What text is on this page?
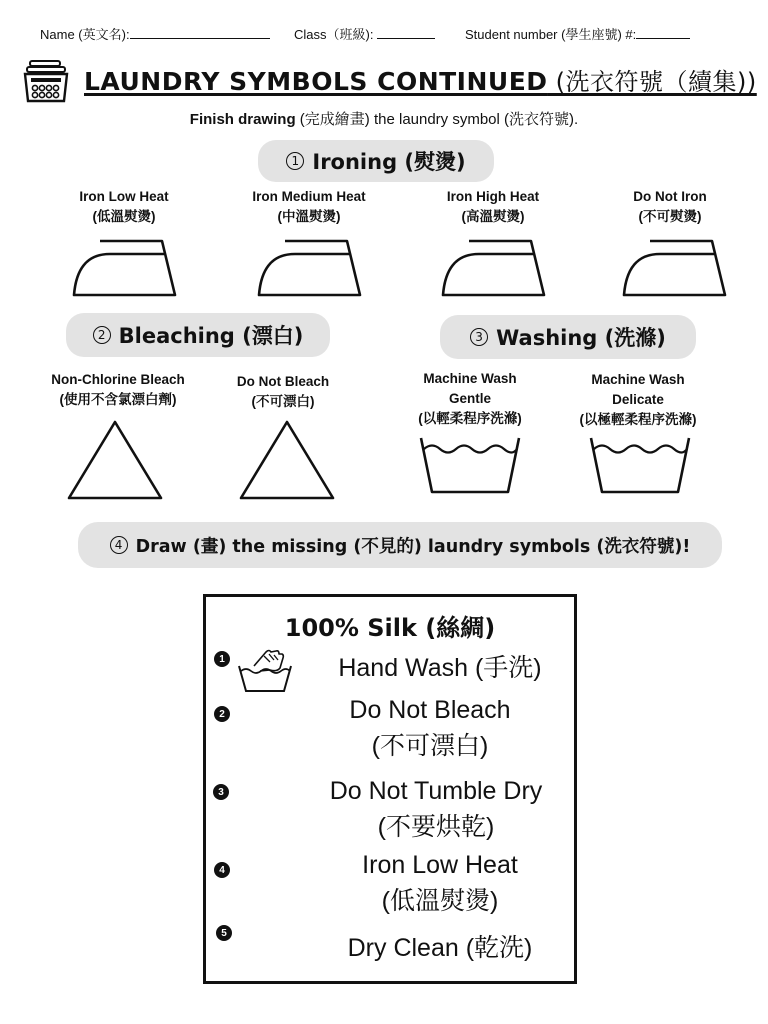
Name (英文名):	Class（班級):	Student number (學生座號) #:
LAUNDRY SYMBOLS CONTINUED (洗衣符號（續集))
Finish drawing (完成繪畫) the laundry symbol (洗衣符號).
1 Ironing (熨燙)
Iron Low Heat
(低溫熨燙)
Iron Medium Heat
(中溫熨燙)
Iron High Heat
(高溫熨燙)
Do Not Iron
(不可熨燙)
2 Bleaching (漂白)	3 Washing (洗滌)
Non-Chlorine Bleach
(使用不含氯漂白劑)
Do Not Bleach
(不可漂白)
Machine Wash
Gentle
(以輕柔程序洗滌)
Machine Wash
Delicate
(以極輕柔程序洗滌)
4 Draw (畫) the missing (不見的) laundry symbols (洗衣符號)!
100% Silk (絲綢)
1	Hand Wash (手洗)
2	Do Not Bleach
(不可漂白)
3	Do Not Tumble Dry
(不要烘乾)
4	Iron Low Heat
(低溫熨燙)
5
Dry Clean (乾洗)
